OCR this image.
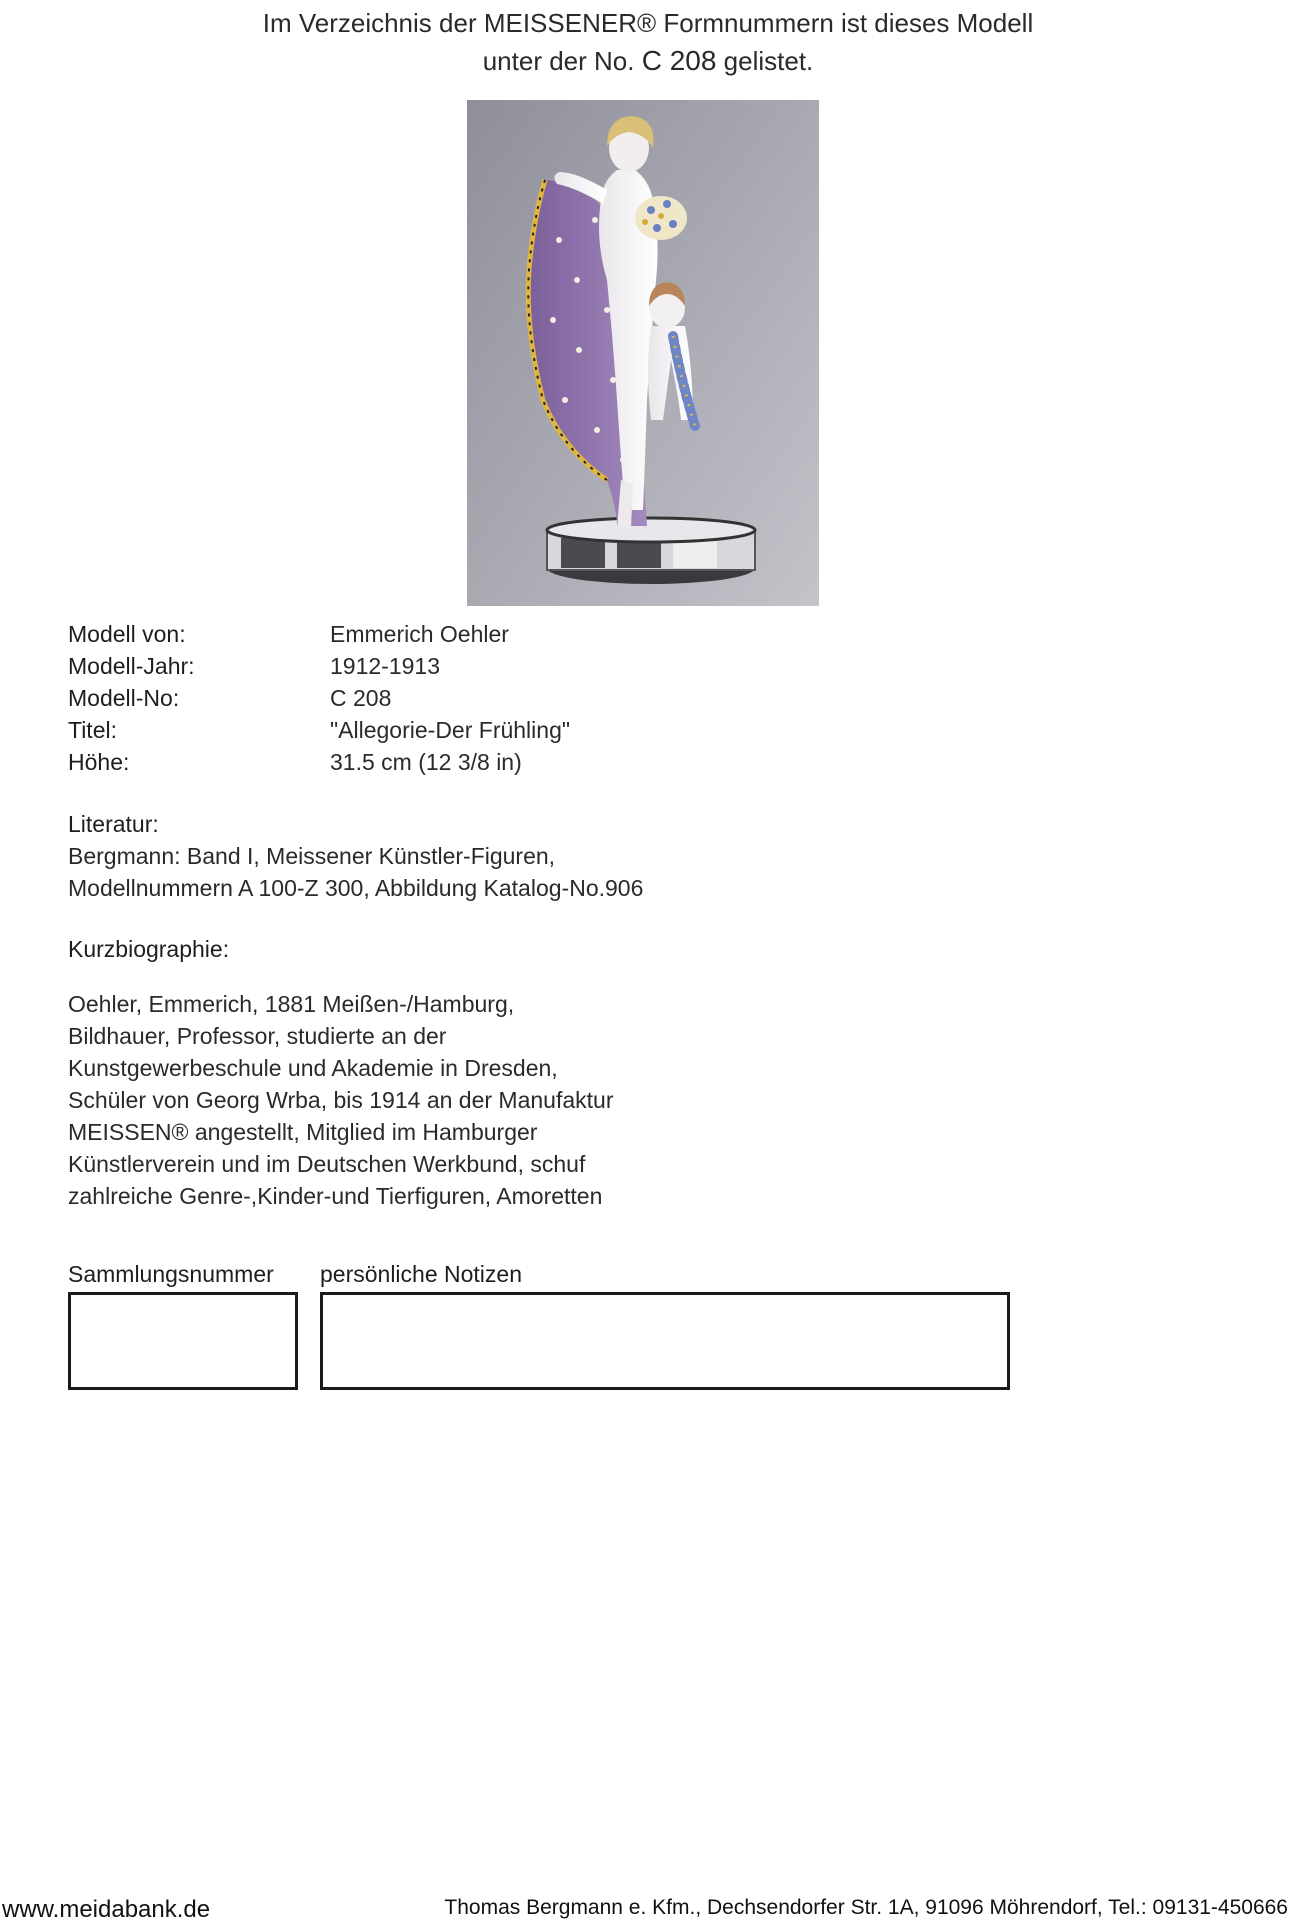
Im Verzeichnis der MEISSENER® Formnummern ist dieses Modell
unter der No. C 208 gelistet.
Modell von:	Emmerich Oehler
Modell-Jahr:	1912-1913
Modell-No:	C 208
Titel:	"Allegorie-Der Frühling"
Höhe:	31.5 cm (12 3/8 in)
Literatur:
Bergmann: Band I, Meissener Künstler-Figuren,
Modellnummern A 100-Z 300, Abbildung Katalog-No.906
Kurzbiographie:
Oehler, Emmerich, 1881 Meißen-/Hamburg,
Bildhauer, Professor, studierte an der
Kunstgewerbeschule und Akademie in Dresden,
Schüler von Georg Wrba, bis 1914 an der Manufaktur
MEISSEN® angestellt, Mitglied im Hamburger
Künstlerverein und im Deutschen Werkbund, schuf
zahlreiche Genre-,Kinder-und Tierfiguren, Amoretten
Sammlungsnummer persönliche Notizen
www.meidabank.de	Thomas Bergmann e. Kfm., Dechsendorfer Str. 1A, 91096 Möhrendorf, Tel.: 09131-450666
